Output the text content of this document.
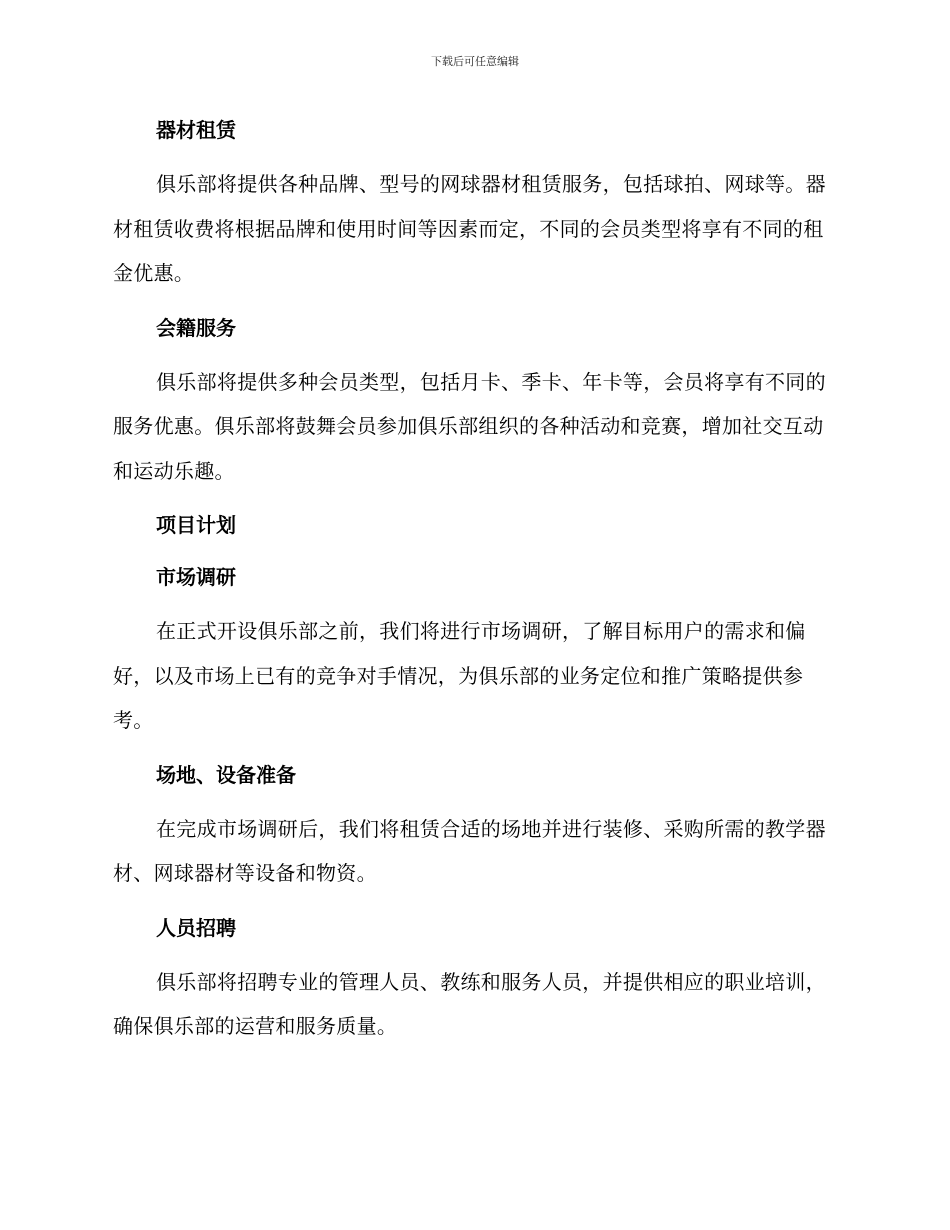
下载后可任意编辑
器材租赁

俱乐部将提供各种品牌、型号的网球器材租赁服务，包括球拍、网球等。器材租赁收费将根据品牌和使用时间等因素而定，不同的会员类型将享有不同的租金优惠。

会籍服务

俱乐部将提供多种会员类型，包括月卡、季卡、年卡等，会员将享有不同的服务优惠。俱乐部将鼓舞会员参加俱乐部组织的各种活动和竞赛，增加社交互动和运动乐趣。

项目计划
市场调研

在正式开设俱乐部之前，我们将进行市场调研，了解目标用户的需求和偏好，以及市场上已有的竞争对手情况，为俱乐部的业务定位和推广策略提供参考。

场地、设备准备

在完成市场调研后，我们将租赁合适的场地并进行装修、采购所需的教学器材、网球器材等设备和物资。

人员招聘

俱乐部将招聘专业的管理人员、教练和服务人员，并提供相应的职业培训，确保俱乐部的运营和服务质量。
